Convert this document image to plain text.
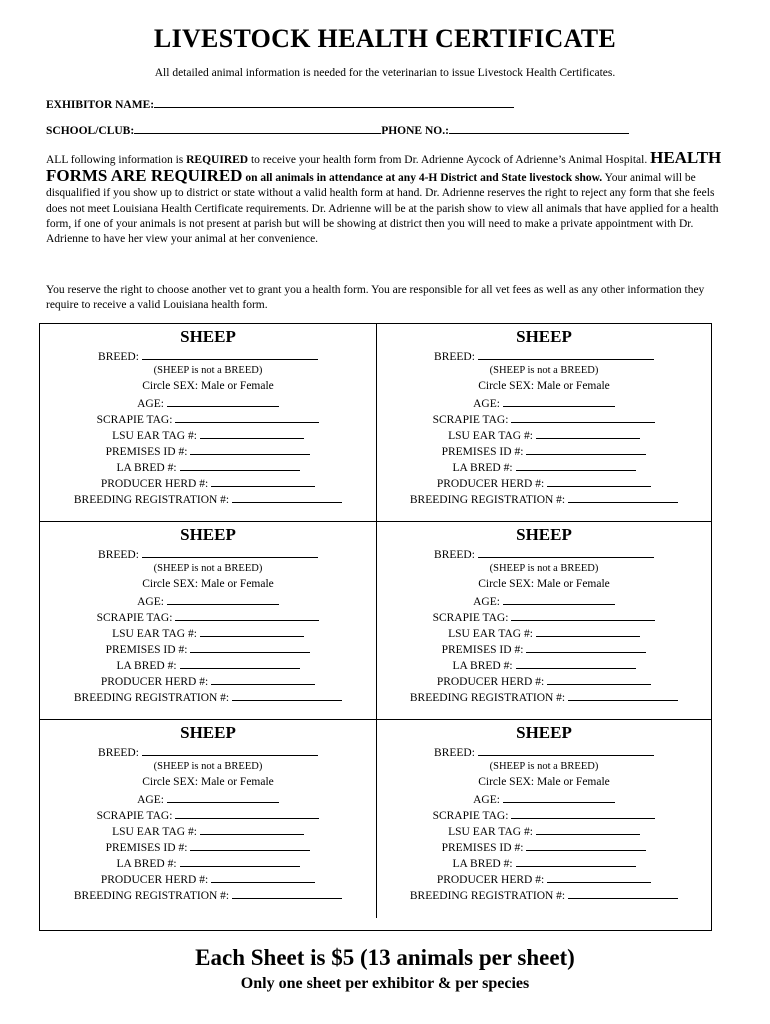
LIVESTOCK HEALTH CERTIFICATE
All detailed animal information is needed for the veterinarian to issue Livestock Health Certificates.
EXHIBITOR NAME:
SCHOOL/CLUB:	PHONE NO.:
ALL following information is REQUIRED to receive your health form from Dr. Adrienne Aycock of Adrienne’s Animal Hospital. HEALTH FORMS ARE REQUIRED on all animals in attendance at any 4-H District and State livestock show. Your animal will be disqualified if you show up to district or state without a valid health form at hand. Dr. Adrienne reserves the right to reject any form that she feels does not meet Louisiana Health Certificate requirements. Dr. Adrienne will be at the parish show to view all animals that have applied for a health form, if one of your animals is not present at parish but will be showing at district then you will need to make a private appointment with Dr. Adrienne to have her view your animal at her convenience.
You reserve the right to choose another vet to grant you a health form. You are responsible for all vet fees as well as any other information they require to receive a valid Louisiana health form.
SHEEP
BREED:
(SHEEP is not a BREED)
Circle SEX: Male or Female
AGE:
SCRAPIE TAG:
LSU EAR TAG #:
PREMISES ID #:
LA BRED #:
PRODUCER HERD #:
BREEDING REGISTRATION #:
SHEEP
BREED:
(SHEEP is not a BREED)
Circle SEX: Male or Female
AGE:
SCRAPIE TAG:
LSU EAR TAG #:
PREMISES ID #:
LA BRED #:
PRODUCER HERD #:
BREEDING REGISTRATION #:
SHEEP
BREED:
(SHEEP is not a BREED)
Circle SEX: Male or Female
AGE:
SCRAPIE TAG:
LSU EAR TAG #:
PREMISES ID #:
LA BRED #:
PRODUCER HERD #:
BREEDING REGISTRATION #:
SHEEP
BREED:
(SHEEP is not a BREED)
Circle SEX: Male or Female
AGE:
SCRAPIE TAG:
LSU EAR TAG #:
PREMISES ID #:
LA BRED #:
PRODUCER HERD #:
BREEDING REGISTRATION #:
SHEEP
BREED:
(SHEEP is not a BREED)
Circle SEX: Male or Female
AGE:
SCRAPIE TAG:
LSU EAR TAG #:
PREMISES ID #:
LA BRED #:
PRODUCER HERD #:
BREEDING REGISTRATION #:
SHEEP
BREED:
(SHEEP is not a BREED)
Circle SEX: Male or Female
AGE:
SCRAPIE TAG:
LSU EAR TAG #:
PREMISES ID #:
LA BRED #:
PRODUCER HERD #:
BREEDING REGISTRATION #:
Each Sheet is $5 (13 animals per sheet)
Only one sheet per exhibitor & per species
